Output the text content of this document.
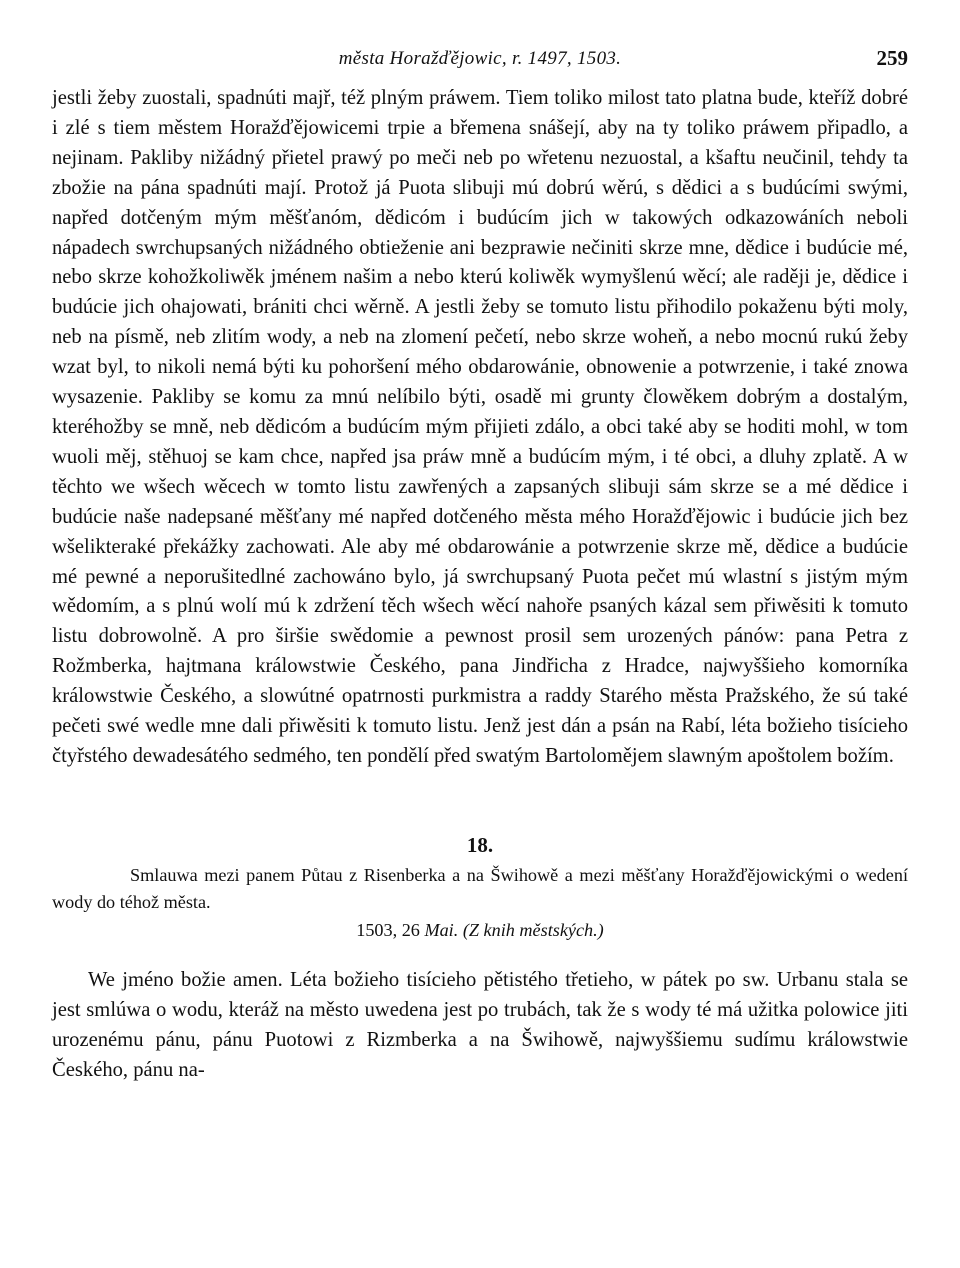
města Horažďějowic, r. 1497, 1503.	259

jestli žeby zuostali, spadnúti majř, též plným práwem. Tiem toliko milost tato platna bude, kteříž dobré i zlé s tiem městem Horažďějowicemi trpie a břemena snášejí, aby na ty toliko práwem připadlo, a nejinam. Pakliby nižádný přietel prawý po meči neb po wřetenu nezuostal, a kšaftu neučinil, tehdy ta zbožie na pána spadnúti mají. Protož já Puota slibuji mú dobrú wěrú, s dědici a s budúcími swými, napřed dotčeným mým měšťanóm, dědicóm i budúcím jich w takowých odkazowáních neboli nápadech swrchupsaných nižádného obtieženie ani bezprawie nečiniti skrze mne, dědice i budúcie mé, nebo skrze kohožkoliwěk jménem našim a nebo kterú koliwěk wymyšlenú wěcí; ale raději je, dědice i budúcie jich ohajowati, brániti chci wěrně. A jestli žeby se tomuto listu přihodilo pokaženu býti moly, neb na písmě, neb zlitím wody, a neb na zlomení pečetí, nebo skrze woheň, a nebo mocnú rukú žeby wzat byl, to nikoli nemá býti ku pohoršení mého obdarowánie, obnowenie a potwrzenie, i také znowa wysazenie. Pakliby se komu za mnú nelíbilo býti, osadě mi grunty člowěkem dobrým a dostalým, kteréhožby se mně, neb dědicóm a budúcím mým přijieti zdálo, a obci také aby se hoditi mohl, w tom wuoli měj, stěhuoj se kam chce, napřed jsa práw mně a budúcím mým, i té obci, a dluhy zplatě. A w těchto we wšech wěcech w tomto listu zawřených a zapsaných slibuji sám skrze se a mé dědice i budúcie naše nadepsané měšťany mé napřed dotčeného města mého Horažďějowic i budúcie jich bez wšelikteraké překážky zachowati. Ale aby mé obdarowánie a potwrzenie skrze mě, dědice a budúcie mé pewné a neporušitedlné zachowáno bylo, já swrchupsaný Puota pečet mú wlastní s jistým mým wědomím, a s plnú wolí mú k zdržení těch wšech wěcí nahoře psaných kázal sem přiwěsiti k tomuto listu dobrowolně. A pro širšie swědomie a pewnost prosil sem urozených pánów: pana Petra z Rožmberka, hajtmana králowstwie Českého, pana Jindřicha z Hradce, najwyššieho komorníka králowstwie Českého, a slowútné opatrnosti purkmistra a raddy Starého města Pražského, že sú také pečeti swé wedle mne dali přiwěsiti k tomuto listu. Jenž jest dán a psán na Rabí, léta božieho tisícieho čtyřstého dewadesátého sedmého, ten pondělí před swatým Bartoloměјem slawným apoštolem božím.

18.

Smlauwa mezi panem Půtau z Risenberka a na Šwihowě a mezi měšťany Horažďějowickými o wedení wody do téhož města.

1503, 26 Mai. (Z knih městských.)

We jméno božie amen. Léta božieho tisícieho pětistého třetieho, w pátek po sw. Urbanu stala se jest smlúwa o wodu, kteráž na město uwedena jest po trubách, tak že s wody té má užitka polowice jiti urozenému pánu, pánu Puotowi z Rizmberka a na Šwihowě, najwyššiemu sudímu králowstwie Českého, pánu na-
